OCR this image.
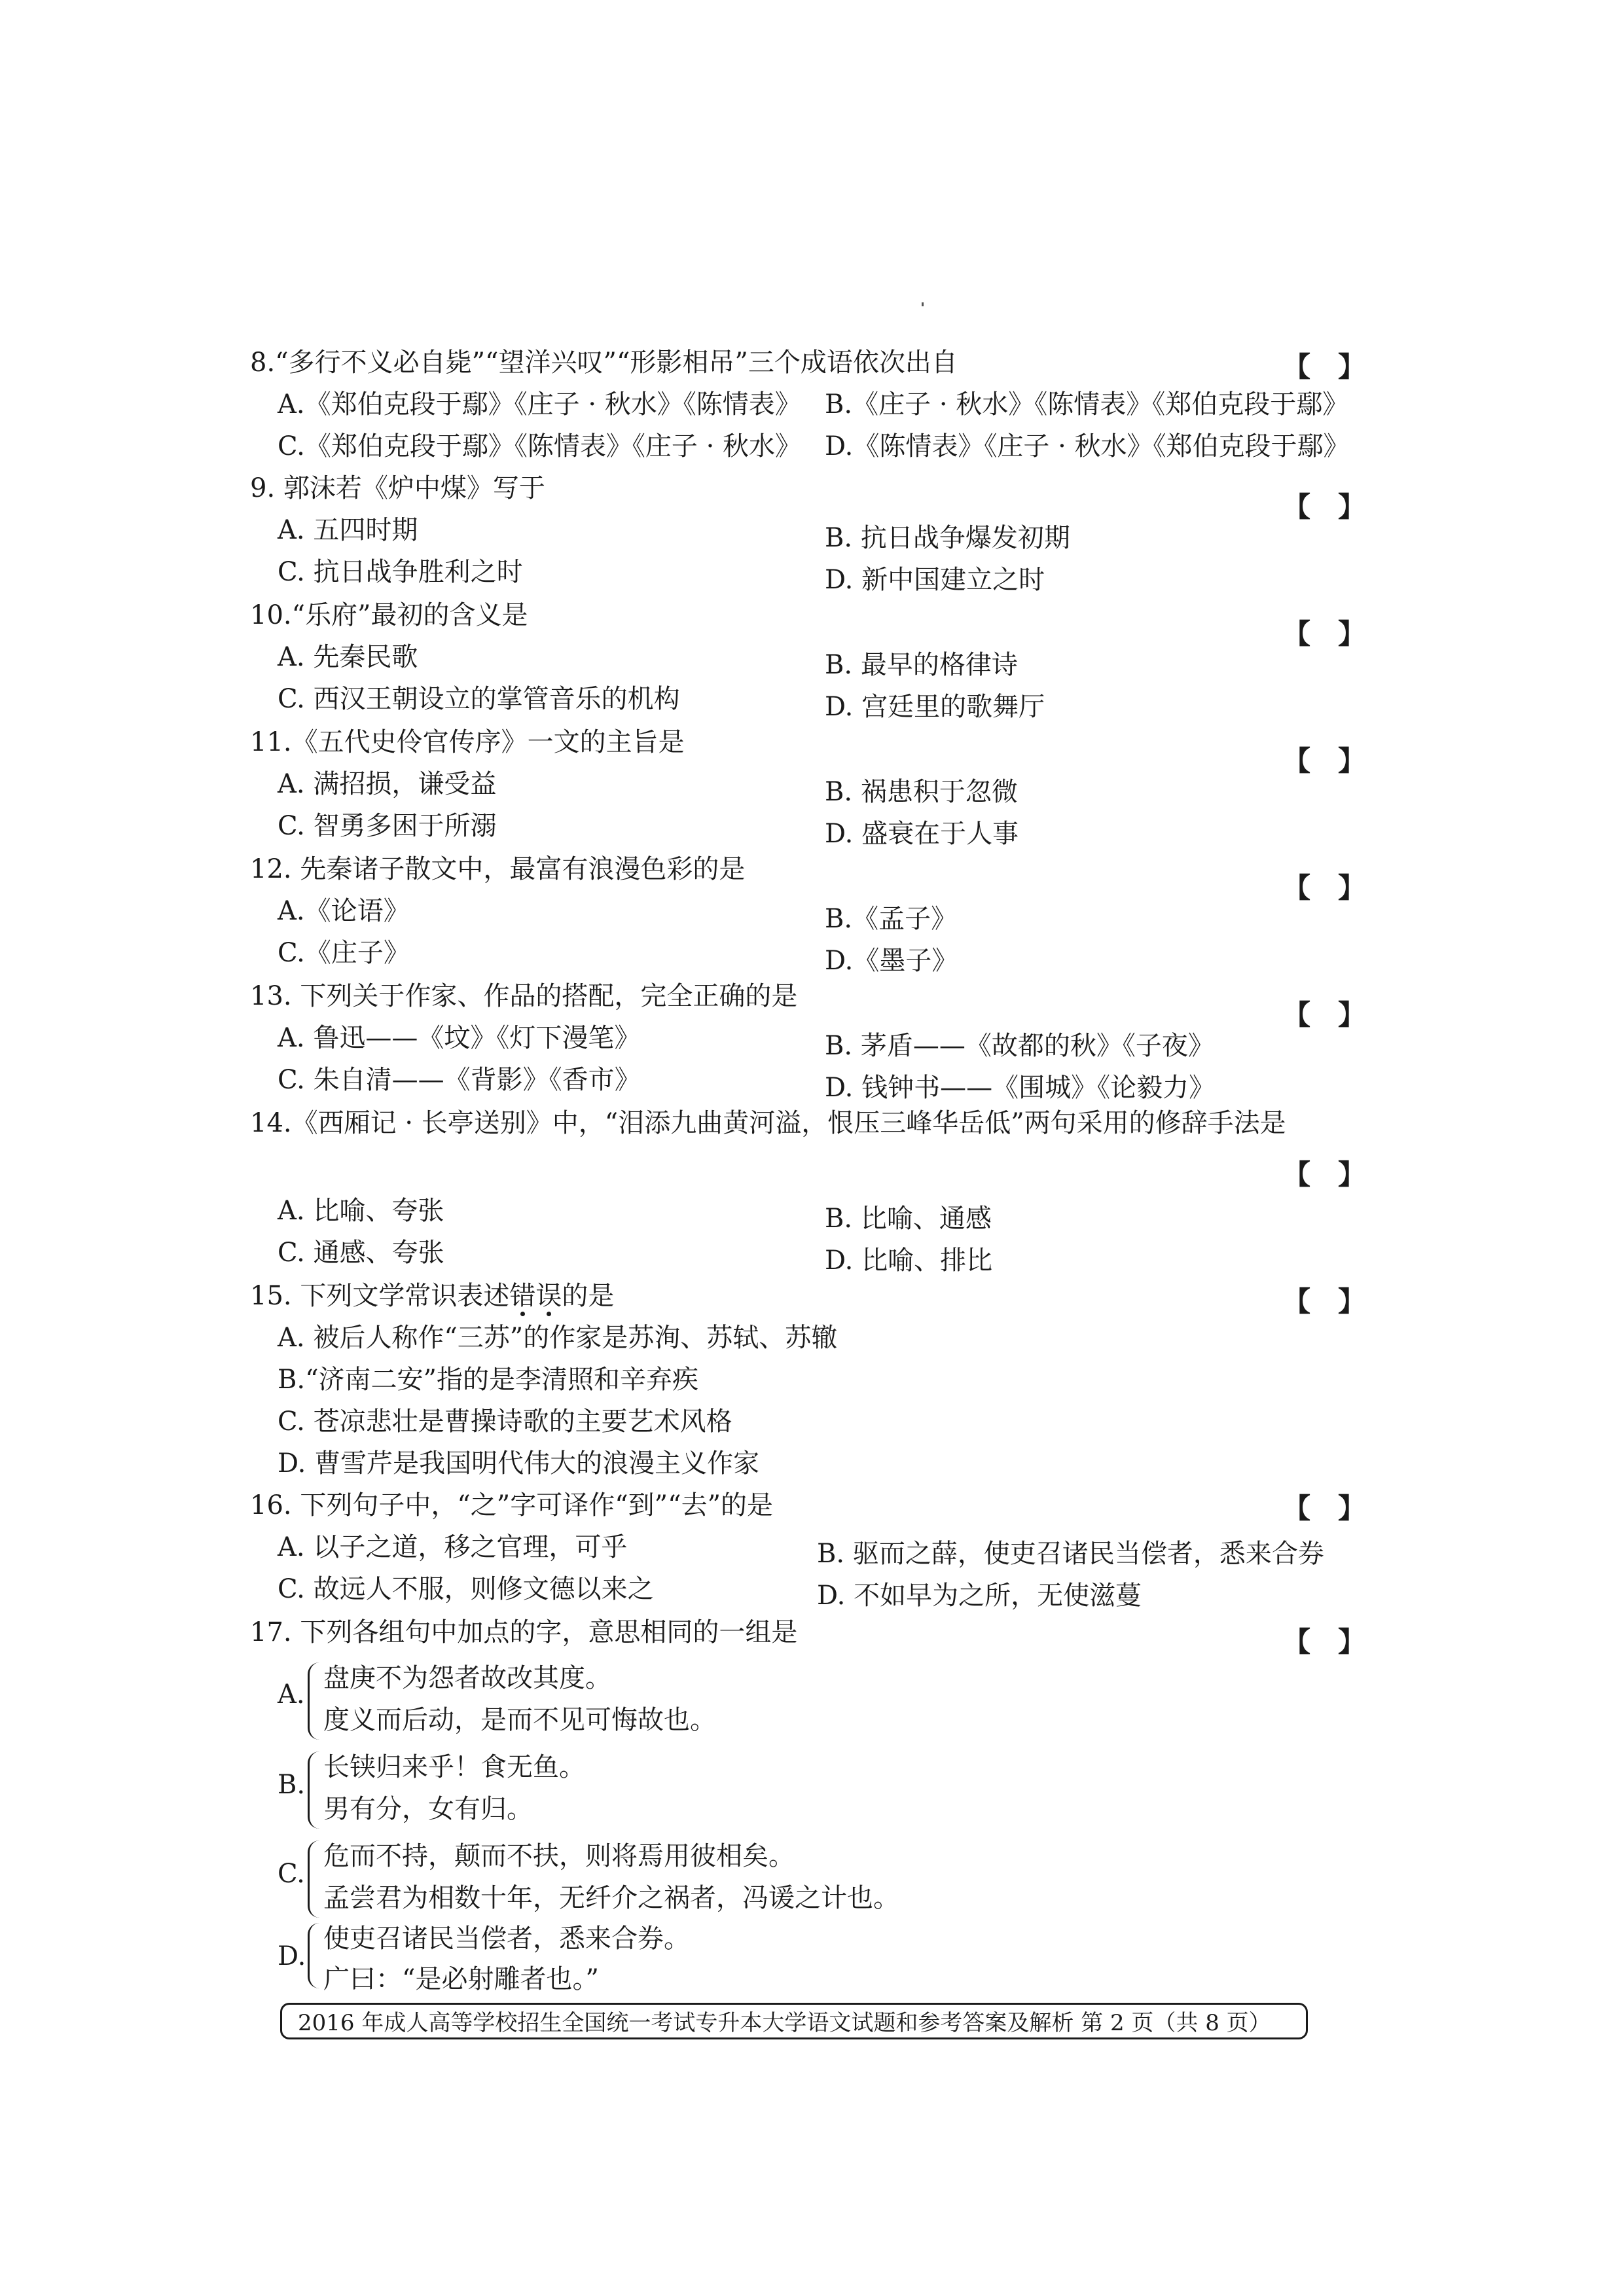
8.“多行不义必自毙”“望洋兴叹”“形影相吊”三个成语依次出自	【　】
A.《郑伯克段于鄢》《庄子 · 秋水》《陈情表》 B.《庄子 · 秋水》《陈情表》《郑伯克段于鄢》
C.《郑伯克段于鄢》《陈情表》《庄子 · 秋水》 D.《陈情表》《庄子 · 秋水》《郑伯克段于鄢》
9. 郭沫若《炉中煤》写于
【　】
A. 五四时期	B. 抗日战争爆发初期
C. 抗日战争胜利之时	D. 新中国建立之时
10.“乐府”最初的含义是
【　】
A. 先秦民歌	B. 最早的格律诗
C. 西汉王朝设立的掌管音乐的机构	D. 宫廷里的歌舞厅
11.《五代史伶官传序》一文的主旨是
【　】
A. 满招损，谦受益	B. 祸患积于忽微
C. 智勇多困于所溺	D. 盛衰在于人事
12. 先秦诸子散文中，最富有浪漫色彩的是
【　】
A.《论语》	B.《孟子》
C.《庄子》	D.《墨子》
13. 下列关于作家、作品的搭配，完全正确的是
【　】
A. 鲁迅——《坟》《灯下漫笔》	B. 茅盾——《故都的秋》《子夜》
C. 朱自清——《背影》《香市》	D. 钱钟书——《围城》《论毅力》
14.《西厢记 · 长亭送别》中，“泪添九曲黄河溢，恨压三峰华岳低”两句采用的修辞手法是
【　】
A. 比喻、夸张	B. 比喻、通感
C. 通感、夸张	D. 比喻、排比
15. 下列文学常识表述错误的是	【　】
A. 被后人称作“三苏”的作家是苏洵、苏轼、苏辙
B.“济南二安”指的是李清照和辛弃疾
C. 苍凉悲壮是曹操诗歌的主要艺术风格
D. 曹雪芹是我国明代伟大的浪漫主义作家
16. 下列句子中，“之”字可译作“到”“去”的是	【　】
A. 以子之道，移之官理，可乎	B. 驱而之薛，使吏召诸民当偿者，悉来合券
C. 故远人不服，则修文德以来之	D. 不如早为之所，无使滋蔓
17. 下列各组句中加点的字，意思相同的一组是	【　】
A.
盘庚不为怨者故改其度。
度义而后动，是而不见可悔故也。
B.
长铗归来乎！食无鱼。
男有分，女有归。
C.
危而不持，颠而不扶，则将焉用彼相矣。
孟尝君为相数十年，无纤介之祸者，冯谖之计也。
D.
使吏召诸民当偿者，悉来合券。
2016 年成人高等学校招生全国统一考试专升本大学语文试题和参考答案及解析 第 2 页（共 8 页）
广曰：“是必射雕者也。”
